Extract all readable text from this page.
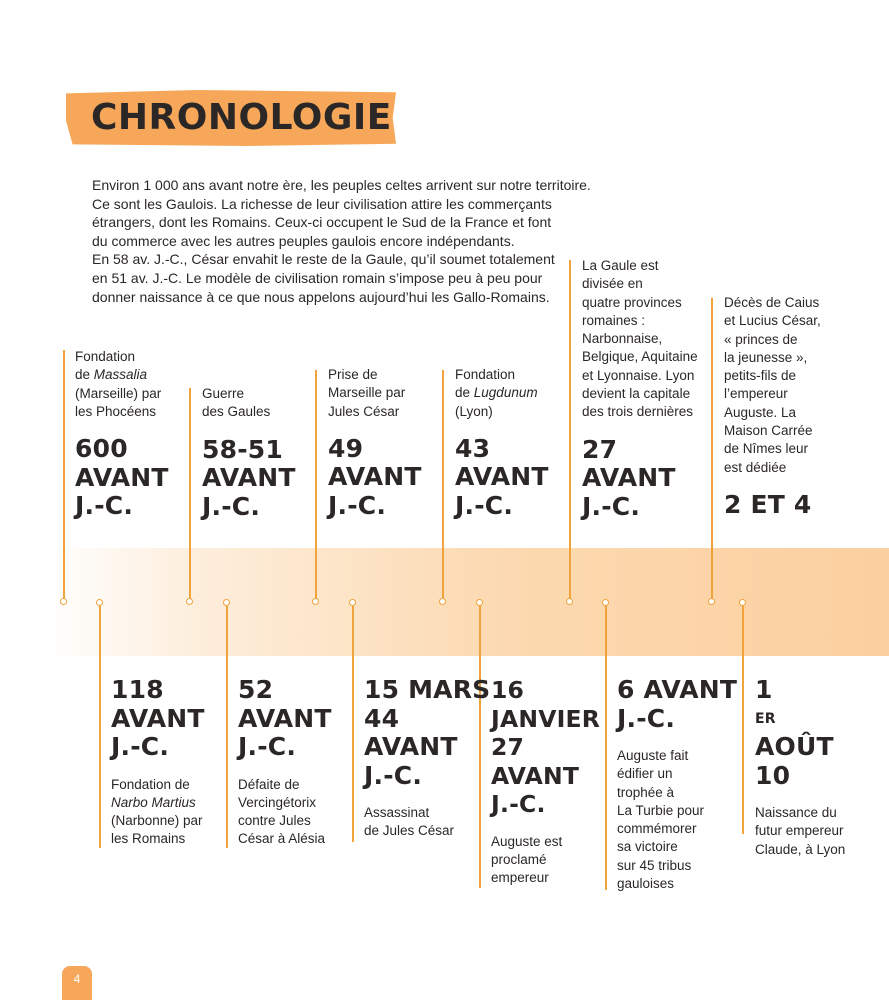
CHRONOLOGIE

Environ 1 000 ans avant notre ère, les peuples celtes arrivent sur notre territoire.

Ce sont les Gaulois. La richesse de leur civilisation attire les commerçants

étrangers, dont les Romains. Ceux-ci occupent le Sud de la France et font

du commerce avec les autres peuples gaulois encore indépendants.

En 58 av. J.-C., César envahit le reste de la Gaule, qu’il soumet totalement

en 51 av. J.-C. Le modèle de civilisation romain s’impose peu à peu pour

donner naissance à ce que nous appelons aujourd’hui les Gallo-Romains.

Fondation
de Massalia
(Marseille) par
les Phocéens

600
AVANT
J.-C.

Guerre
des Gaules

58-51
AVANT
J.-C.

Prise de
Marseille par
Jules César

49
AVANT
J.-C.

Fondation
de Lugdunum
(Lyon)

43
AVANT
J.-C.

La Gaule est
divisée en
quatre provinces
romaines :
Narbonnaise,
Belgique, Aquitaine
et Lyonnaise. Lyon
devient la capitale
des trois dernières

27
AVANT
J.-C.

Décès de Caius
et Lucius César,
« princes de
la jeunesse »,
petits-fils de
l’empereur
Auguste. La
Maison Carrée
de Nîmes leur
est dédiée

2 ET 4
118
AVANT
J.-C.

Fondation de
Narbo Martius
(Narbonne) par
les Romains

52
AVANT
J.-C.

Défaite de
Vercingétorix
contre Jules
César à Alésia

15 MARS
44
AVANT
J.-C.

Assassinat
de Jules César

16
JANVIER
27
AVANT
J.-C.

Auguste est
proclamé
empereur

6 AVANT
J.-C.

Auguste fait
édifier un
trophée à
La Turbie pour
commémorer
sa victoire
sur 45 tribus
gauloises

1
ER
AOÛT
10

Naissance du
futur empereur
Claude, à Lyon

4
